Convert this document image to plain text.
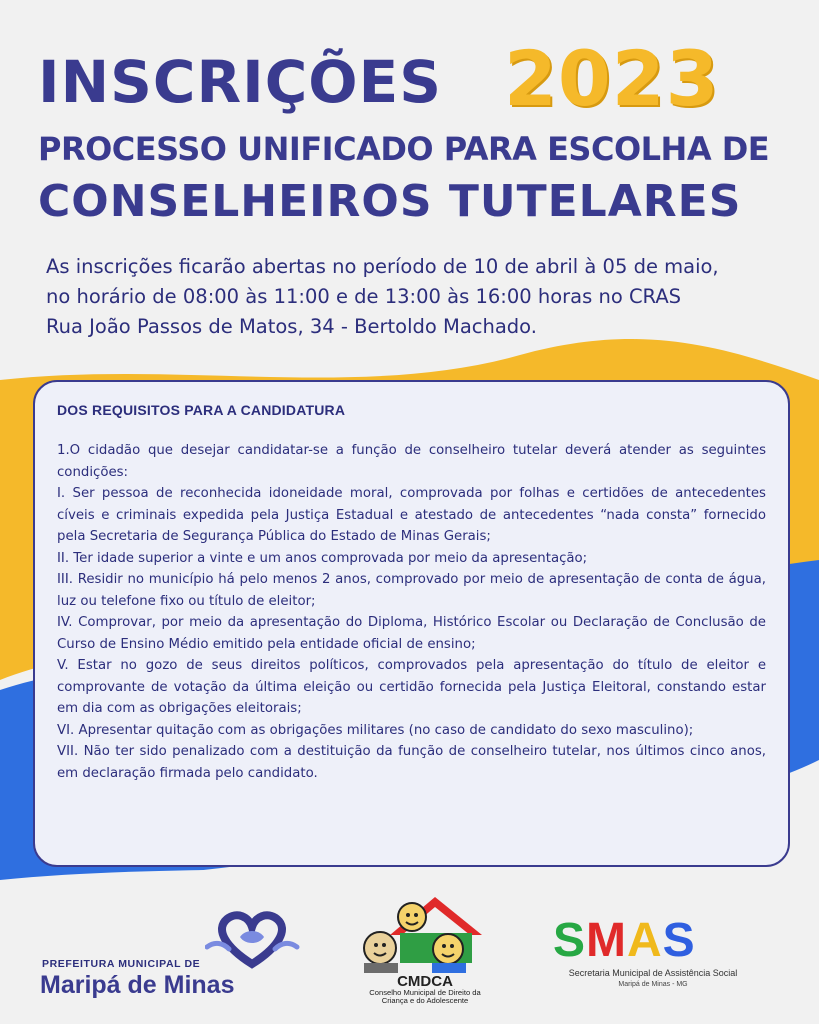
INSCRIÇÕES 2023
PROCESSO UNIFICADO PARA ESCOLHA DE
CONSELHEIROS TUTELARES

As inscrições ficarão abertas no período de 10 de abril à 05 de maio,

no horário de 08:00 às 11:00 e de 13:00 às 16:00 horas no CRAS

Rua João Passos de Matos, 34 - Bertoldo Machado.

DOS REQUISITOS PARA A CANDIDATURA

1.O cidadão que desejar candidatar-se a função de conselheiro tutelar deverá atender as seguintes condições:

I. Ser pessoa de reconhecida idoneidade moral, comprovada por folhas e certidões de antecedentes cíveis e criminais expedida pela Justiça Estadual e atestado de antecedentes “nada consta” fornecido pela Secretaria de Segurança Pública do Estado de Minas Gerais;

II. Ter idade superior a vinte e um anos comprovada por meio da apresentação;

III. Residir no município há pelo menos 2 anos, comprovado por meio de apresentação de conta de água, luz ou telefone fixo ou título de eleitor;

IV. Comprovar, por meio da apresentação do Diploma, Histórico Escolar ou Declaração de Conclusão de Curso de Ensino Médio emitido pela entidade oficial de ensino;

V. Estar no gozo de seus direitos políticos, comprovados pela apresentação do título de eleitor e comprovante de votação da última eleição ou certidão fornecida pela Justiça Eleitoral, constando estar em dia com as obrigações eleitorais;

VI. Apresentar quitação com as obrigações militares (no caso de candidato do sexo masculino);

VII. Não ter sido penalizado com a destituição da função de conselheiro tutelar, nos últimos cinco anos, em declaração firmada pelo candidato.

PREFEITURA MUNICIPAL DE
Maripá de Minas	CMDCA
Conselho Municipal de Direito da
Criança e do Adolescente
SMAS
Secretaria Municipal de Assistência Social
Maripá de Minas - MG
